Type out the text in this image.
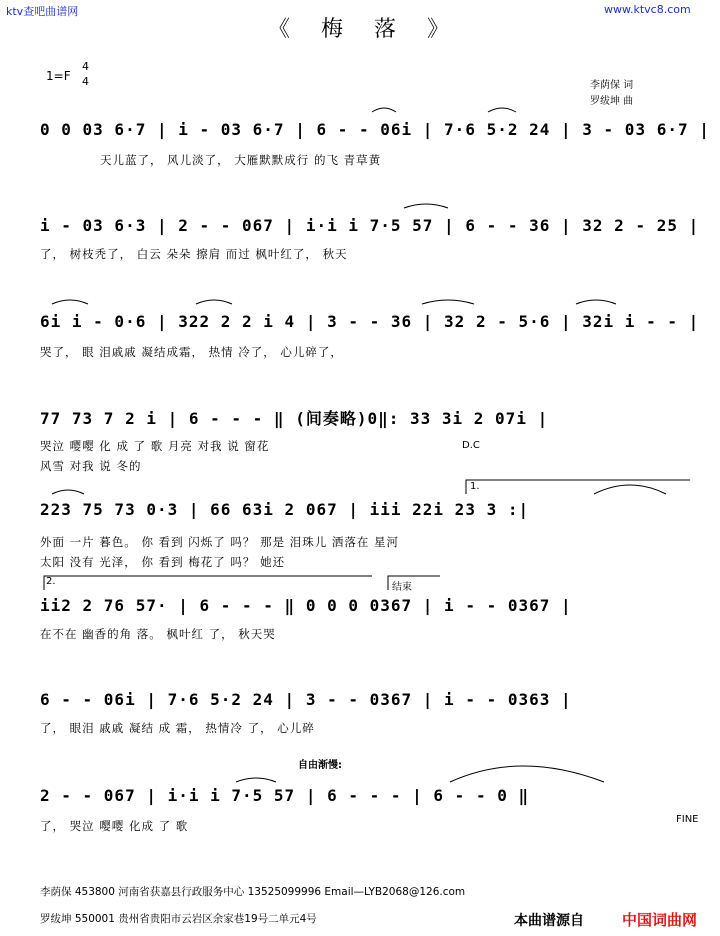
ktv查吧曲谱网	www.ktvc8.com
《 梅 落 》
1=F
4
4	李荫保 词
罗绂坤 曲
0 0 03 6·7 | i - 03 6·7 | 6 - - 06i | 7·6 5·2 24 | 3 - 03 6·7 |
天儿蓝了， 风儿淡了， 大雁默默成行 的飞 青草黄
i - 03 6·3 | 2 - - 067 | i·i i 7·5 57 | 6 - - 36 | 32 2 - 25 |
了， 树枝秃了， 白云 朵朵 擦肩 而过 枫叶红了， 秋天
6i i - 0·6 | 322 2 2 i 4 | 3 - - 36 | 32 2 - 5·6 | 32i i - - |
哭了， 眼 泪戚戚 凝结成霜， 热情 冷了， 心儿碎了，
77 73 7 2 i | 6 - - - ‖ (间奏略)0‖: 33 3i 2 07i |
哭泣 嘤嘤 化 成 了 歌 月亮 对我 说 窗花
风雪 对我 说 冬的
D.C
223 75 73 0·3 | 66 63i 2 067 | iii 22i 23 3 :|
外面 一片 暮色。 你 看到 闪烁了 吗？ 那是 泪珠儿 洒落在 星河
太阳 没有 光泽， 你 看到 梅花了 吗？ 她还
1.
ii2 2 76 57· | 6 - - - ‖ 0 0 0 0367 | i - - 0367 |
在不在 幽香的角 落。 枫叶红 了， 秋天哭
2.
结束
6 - - 06i | 7·6 5·2 24 | 3 - - 0367 | i - - 0363 |
了， 眼泪 戚戚 凝结 成 霜， 热情冷 了， 心儿碎
自由渐慢:
2 - - 067 | i·i i 7·5 57 | 6 - - - | 6 - - 0 ‖
了， 哭泣 嘤嘤 化成 了 歌	FINE
李荫保 453800 河南省获嘉县行政服务中心 13525099996 Email—LYB2068@126.com
罗绂坤 550001 贵州省贵阳市云岩区余家巷19号二单元4号	本曲谱源自	中国词曲网
